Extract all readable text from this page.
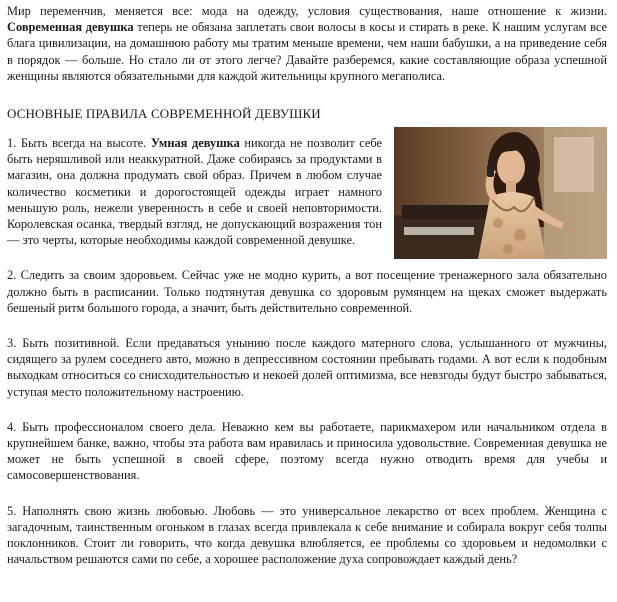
Мир переменчив, меняется все: мода на одежду, условия существования, наше отношение к жизни. Современная девушка теперь не обязана заплетать свои волосы в косы и стирать в реке. К нашим услугам все блага цивилизации, на домашнюю работу мы тратим меньше времени, чем наши бабушки, а на приведение себя в порядок — больше. Но стало ли от этого легче? Давайте разберемся, какие составляющие образа успешной женщины являются обязательными для каждой жительницы крупного мегаполиса.

ОСНОВНЫЕ ПРАВИЛА СОВРЕМЕННОЙ ДЕВУШКИ

1. Быть всегда на высоте. Умная девушка никогда не позволит себе быть неряшливой или неаккуратной. Даже собираясь за продуктами в магазин, она должна продумать свой образ. Причем в любом случае количество косметики и дорогостоящей одежды играет намного меньшую роль, нежели уверенность в себе и своей неповторимости. Королевская осанка, твердый взгляд, не допускающий возражения тон — это черты, которые необходимы каждой современной девушке.

2. Следить за своим здоровьем. Сейчас уже не модно курить, а вот посещение тренажерного зала обязательно должно быть в расписании. Только подтянутая девушка со здоровым румянцем на щеках сможет выдержать бешеный ритм большого города, а значит, быть действительно современной.

3. Быть позитивной. Если предаваться унынию после каждого матерного слова, услышанного от мужчины, сидящего за рулем соседнего авто, можно в депрессивном состоянии пребывать годами. А вот если к подобным выходкам относиться со снисходительностью и некоей долей оптимизма, все невзгоды будут быстро забываться, уступая место положительному настроению.

4. Быть профессионалом своего дела. Неважно кем вы работаете, парикмахером или начальником отдела в крупнейшем банке, важно, чтобы эта работа вам нравилась и приносила удовольствие. Современная девушка не может не быть успешной в своей сфере, поэтому всегда нужно отводить время для учебы и самосовершенствования.

5. Наполнять свою жизнь любовью. Любовь — это универсальное лекарство от всех проблем. Женщина с загадочным, таинственным огоньком в глазах всегда привлекала к себе внимание и собирала вокруг себя толпы поклонников. Стоит ли говорить, что когда девушка влюбляется, ее проблемы со здоровьем и недомолвки с начальством решаются сами по себе, а хорошее расположение духа сопровождает каждый день?
